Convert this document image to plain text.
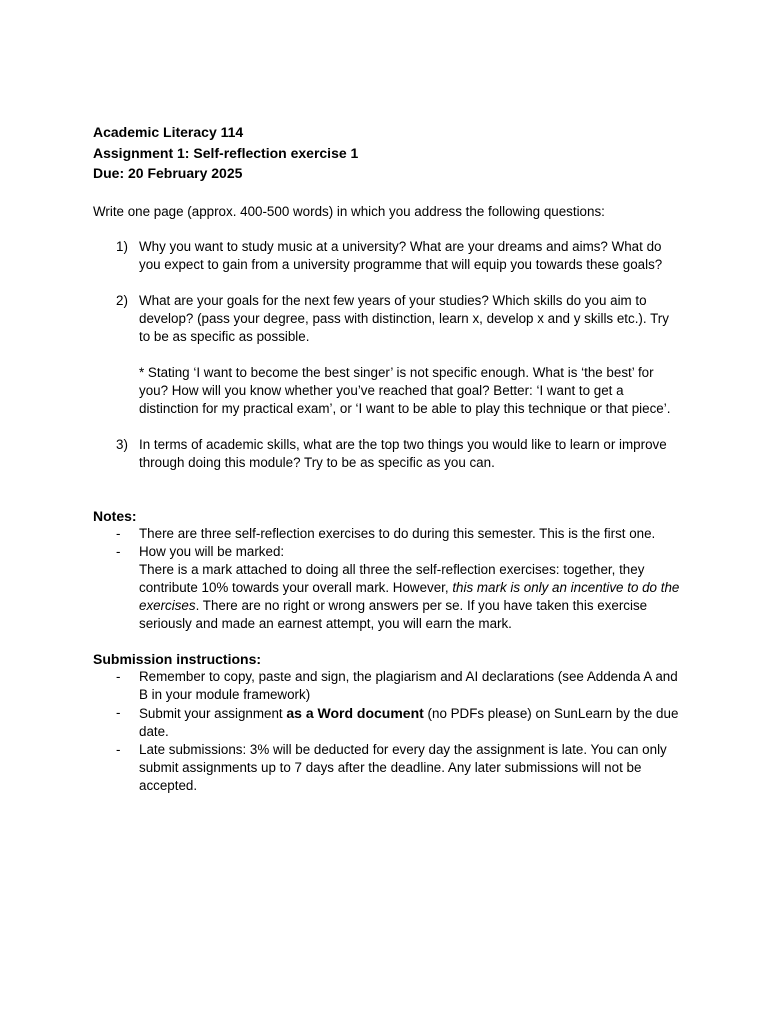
Academic Literacy 114
Assignment 1: Self-reflection exercise 1
Due: 20 February 2025
Write one page (approx. 400-500 words) in which you address the following questions:
1) Why you want to study music at a university? What are your dreams and aims? What do you expect to gain from a university programme that will equip you towards these goals?
2) What are your goals for the next few years of your studies? Which skills do you aim to develop? (pass your degree, pass with distinction, learn x, develop x and y skills etc.). Try to be as specific as possible.
* Stating ‘I want to become the best singer’ is not specific enough. What is ‘the best’ for you? How will you know whether you’ve reached that goal? Better: ‘I want to get a distinction for my practical exam’, or ‘I want to be able to play this technique or that piece’.
3) In terms of academic skills, what are the top two things you would like to learn or improve through doing this module? Try to be as specific as you can.
Notes:
- There are three self-reflection exercises to do during this semester. This is the first one.
- How you will be marked:
There is a mark attached to doing all three the self-reflection exercises: together, they contribute 10% towards your overall mark. However, this mark is only an incentive to do the exercises. There are no right or wrong answers per se. If you have taken this exercise seriously and made an earnest attempt, you will earn the mark.
Submission instructions:
- Remember to copy, paste and sign, the plagiarism and AI declarations (see Addenda A and B in your module framework)
- Submit your assignment as a Word document (no PDFs please) on SunLearn by the due date.
- Late submissions: 3% will be deducted for every day the assignment is late. You can only submit assignments up to 7 days after the deadline. Any later submissions will not be accepted.
